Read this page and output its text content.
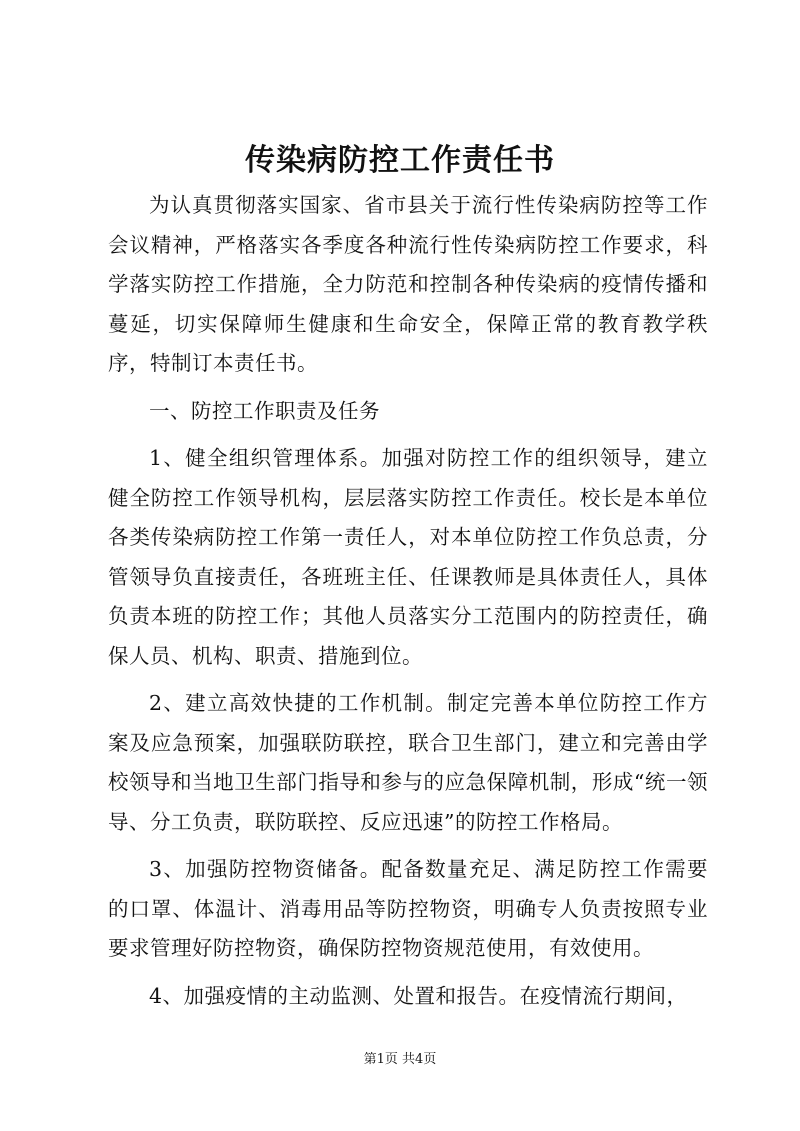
传染病防控工作责任书

为认真贯彻落实国家、省市县关于流行性传染病防控等工作会议精神，严格落实各季度各种流行性传染病防控工作要求，科学落实防控工作措施，全力防范和控制各种传染病的疫情传播和蔓延，切实保障师生健康和生命安全，保障正常的教育教学秩序，特制订本责任书。

一、防控工作职责及任务

1、健全组织管理体系。加强对防控工作的组织领导，建立健全防控工作领导机构，层层落实防控工作责任。校长是本单位各类传染病防控工作第一责任人，对本单位防控工作负总责，分管领导负直接责任，各班班主任、任课教师是具体责任人，具体负责本班的防控工作；其他人员落实分工范围内的防控责任，确保人员、机构、职责、措施到位。

2、建立高效快捷的工作机制。制定完善本单位防控工作方案及应急预案，加强联防联控，联合卫生部门，建立和完善由学校领导和当地卫生部门指导和参与的应急保障机制，形成“统一领导、分工负责，联防联控、反应迅速”的防控工作格局。

3、加强防控物资储备。配备数量充足、满足防控工作需要的口罩、体温计、消毒用品等防控物资，明确专人负责按照专业要求管理好防控物资，确保防控物资规范使用，有效使用。

4、加强疫情的主动监测、处置和报告。在疫情流行期间，

第1页 共4页
